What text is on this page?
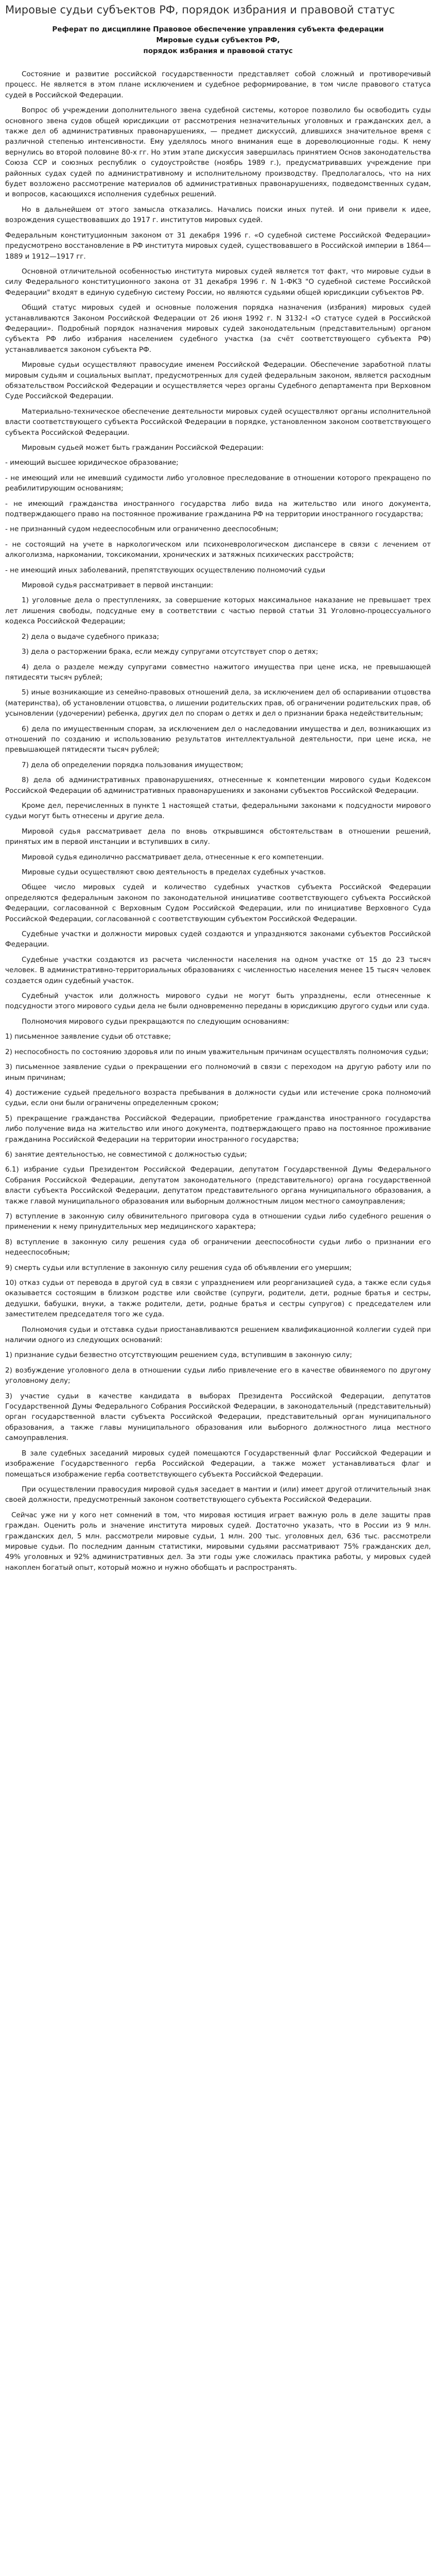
Мировые судьи субъектов РФ, порядок избрания и правовой статус

Реферат по дисциплине Правовое обеспечение управления субъекта федерации

Мировые судьи субъектов РФ,

порядок избрания и правовой статус

Состояние и развитие российской государственности представляет собой сложный и противоречивый процесс. Не является в этом плане исключением и судебное реформирование, в том числе правового статуса судей в Российской Федерации.

Вопрос об учреждении дополнительного звена судебной системы, которое позволило бы освободить суды основного звена судов общей юрисдикции от рассмотрения незначительных уголовных и гражданских дел, а также дел об административных правонарушениях, — предмет дискуссий, длившихся значительное время с различной степенью интенсивности. Ему уделялось много внимания еще в дореволюционные годы. К нему вернулись во второй половине 80-х гг. Но этим этапе дискуссия завершилась принятием Основ законодательства Союза ССР и союзных республик о судоустройстве (ноябрь 1989 г.), предусматривавших учреждение при районных судах судей по административному и исполнительному производству. Предполагалось, что на них будет возложено рассмотрение материалов об административных правонарушениях, подведомственных судам, и вопросов, касающихся исполнения судебных решений.

Но в дальнейшем от этого замысла отказались. Начались поиски иных путей. И они привели к идее, возрождения существовавших до 1917 г. институтов мировых судей.

Федеральным конституционным законом от 31 декабря 1996 г. «О судебной системе Российской Федерации» предусмотрено восстановление в РФ института мировых судей, существовавшего в Российской империи в 1864—1889 и 1912—1917 гг.

Основной отличительной особенностью института мировых судей является тот факт, что мировые судьи в силу Федерального конституционного закона от 31 декабря 1996 г. N 1-ФКЗ "О судебной системе Российской Федерации" входят в единую судебную систему России, но являются судьями общей юрисдикции субъектов РФ.

Общий статус мировых судей и основные положения порядка назначения (избрания) мировых судей устанавливаются Законом Российской Федерации от 26 июня 1992 г. N 3132-I «О статусе судей в Российской Федерации». Подробный порядок назначения мировых судей законодательным (представительным) органом субъекта РФ либо избрания населением судебного участка (за счёт соответствующего субъекта РФ) устанавливается законом субъекта РФ.

Мировые судьи осуществляют правосудие именем Российской Федерации. Обеспечение заработной платы мировым судьям и социальных выплат, предусмотренных для судей федеральным законом, является расходным обязательством Российской Федерации и осуществляется через органы Судебного департамента при Верховном Суде Российской Федерации.

Материально-техническое обеспечение деятельности мировых судей осуществляют органы исполнительной власти соответствующего субъекта Российской Федерации в порядке, установленном законом соответствующего субъекта Российской Федерации.

Мировым судьей может быть гражданин Российской Федерации:

- имеющий высшее юридическое образование;

- не имеющий или не имевший судимости либо уголовное преследование в отношении которого прекращено по реабилитирующим основаниям;

- не имеющий гражданства иностранного государства либо вида на жительство или иного документа, подтверждающего право на постоянное проживание гражданина РФ на территории иностранного государства;

- не признанный судом недееспособным или ограниченно дееспособным;

- не состоящий на учете в наркологическом или психоневрологическом диспансере в связи с лечением от алкоголизма, наркомании, токсикомании, хронических и затяжных психических расстройств;

- не имеющий иных заболеваний, препятствующих осуществлению полномочий судьи

Мировой судья рассматривает в первой инстанции:

1) уголовные дела о преступлениях, за совершение которых максимальное наказание не превышает трех лет лишения свободы, подсудные ему в соответствии с частью первой статьи 31 Уголовно-процессуального кодекса Российской Федерации;

2) дела о выдаче судебного приказа;

3) дела о расторжении брака, если между супругами отсутствует спор о детях;

4) дела о разделе между супругами совместно нажитого имущества при цене иска, не превышающей пятидесяти тысяч рублей;

5) иные возникающие из семейно-правовых отношений дела, за исключением дел об оспаривании отцовства (материнства), об установлении отцовства, о лишении родительских прав, об ограничении родительских прав, об усыновлении (удочерении) ребенка, других дел по спорам о детях и дел о признании брака недействительным;

6) дела по имущественным спорам, за исключением дел о наследовании имущества и дел, возникающих из отношений по созданию и использованию результатов интеллектуальной деятельности, при цене иска, не превышающей пятидесяти тысяч рублей;

7) дела об определении порядка пользования имуществом;

8) дела об административных правонарушениях, отнесенные к компетенции мирового судьи Кодексом Российской Федерации об административных правонарушениях и законами субъектов Российской Федерации.

Кроме дел, перечисленных в пункте 1 настоящей статьи, федеральными законами к подсудности мирового судьи могут быть отнесены и другие дела.

Мировой судья рассматривает дела по вновь открывшимся обстоятельствам в отношении решений, принятых им в первой инстанции и вступивших в силу.

Мировой судья единолично рассматривает дела, отнесенные к его компетенции.

Мировые судьи осуществляют свою деятельность в пределах судебных участков.

Общее число мировых судей и количество судебных участков субъекта Российской Федерации определяются федеральным законом по законодательной инициативе соответствующего субъекта Российской Федерации, согласованной с Верховным Судом Российской Федерации, или по инициативе Верховного Суда Российской Федерации, согласованной с соответствующим субъектом Российской Федерации.

Судебные участки и должности мировых судей создаются и упраздняются законами субъектов Российской Федерации.

Судебные участки создаются из расчета численности населения на одном участке от 15 до 23 тысяч человек. В административно-территориальных образованиях с численностью населения менее 15 тысяч человек создается один судебный участок.

Судебный участок или должность мирового судьи не могут быть упразднены, если отнесенные к подсудности этого мирового судьи дела не были одновременно переданы в юрисдикцию другого судьи или суда.

Полномочия мирового судьи прекращаются по следующим основаниям:

1) письменное заявление судьи об отставке;

2) неспособность по состоянию здоровья или по иным уважительным причинам осуществлять полномочия судьи;

3) письменное заявление судьи о прекращении его полномочий в связи с переходом на другую работу или по иным причинам;

4) достижение судьей предельного возраста пребывания в должности судьи или истечение срока полномочий судьи, если они были ограничены определенным сроком;

5) прекращение гражданства Российской Федерации, приобретение гражданства иностранного государства либо получение вида на жительство или иного документа, подтверждающего право на постоянное проживание гражданина Российской Федерации на территории иностранного государства;

6) занятие деятельностью, не совместимой с должностью судьи;

6.1) избрание судьи Президентом Российской Федерации, депутатом Государственной Думы Федерального Собрания Российской Федерации, депутатом законодательного (представительного) органа государственной власти субъекта Российской Федерации, депутатом представительного органа муниципального образования, а также главой муниципального образования или выборным должностным лицом местного самоуправления;

7) вступление в законную силу обвинительного приговора суда в отношении судьи либо судебного решения о применении к нему принудительных мер медицинского характера;

8) вступление в законную силу решения суда об ограничении дееспособности судьи либо о признании его недееспособным;

9) смерть судьи или вступление в законную силу решения суда об объявлении его умершим;

10) отказ судьи от перевода в другой суд в связи с упразднением или реорганизацией суда, а также если судья оказывается состоящим в близком родстве или свойстве (супруги, родители, дети, родные братья и сестры, дедушки, бабушки, внуки, а также родители, дети, родные братья и сестры супругов) с председателем или заместителем председателя того же суда.

Полномочия судьи и отставка судьи приостанавливаются решением квалификационной коллегии судей при наличии одного из следующих оснований:

1) признание судьи безвестно отсутствующим решением суда, вступившим в законную силу;

2) возбуждение уголовного дела в отношении судьи либо привлечение его в качестве обвиняемого по другому уголовному делу;

3) участие судьи в качестве кандидата в выборах Президента Российской Федерации, депутатов Государственной Думы Федерального Собрания Российской Федерации, в законодательный (представительный) орган государственной власти субъекта Российской Федерации, представительный орган муниципального образования, а также главы муниципального образования или выборного должностного лица местного самоуправления.

В зале судебных заседаний мировых судей помещаются Государственный флаг Российской Федерации и изображение Государственного герба Российской Федерации, а также может устанавливаться флаг и помещаться изображение герба соответствующего субъекта Российской Федерации.

При осуществлении правосудия мировой судья заседает в мантии и (или) имеет другой отличительный знак своей должности, предусмотренный законом соответствующего субъекта Российской Федерации.

Сейчас уже ни у кого нет сомнений в том, что мировая юстиция играет важную роль в деле защиты прав граждан. Оценить роль и значение института мировых судей. Достаточно указать, что в России из 9 млн. гражданских дел, 5 млн. рассмотрели мировые судьи, 1 млн. 200 тыс. уголовных дел, 636 тыс. рассмотрели мировые судьи. По последним данным статистики, мировыми судьями рассматривают 75% гражданских дел, 49% уголовных и 92% административных дел. За эти годы уже сложилась практика работы, у мировых судей накоплен богатый опыт, который можно и нужно обобщать и распространять.
